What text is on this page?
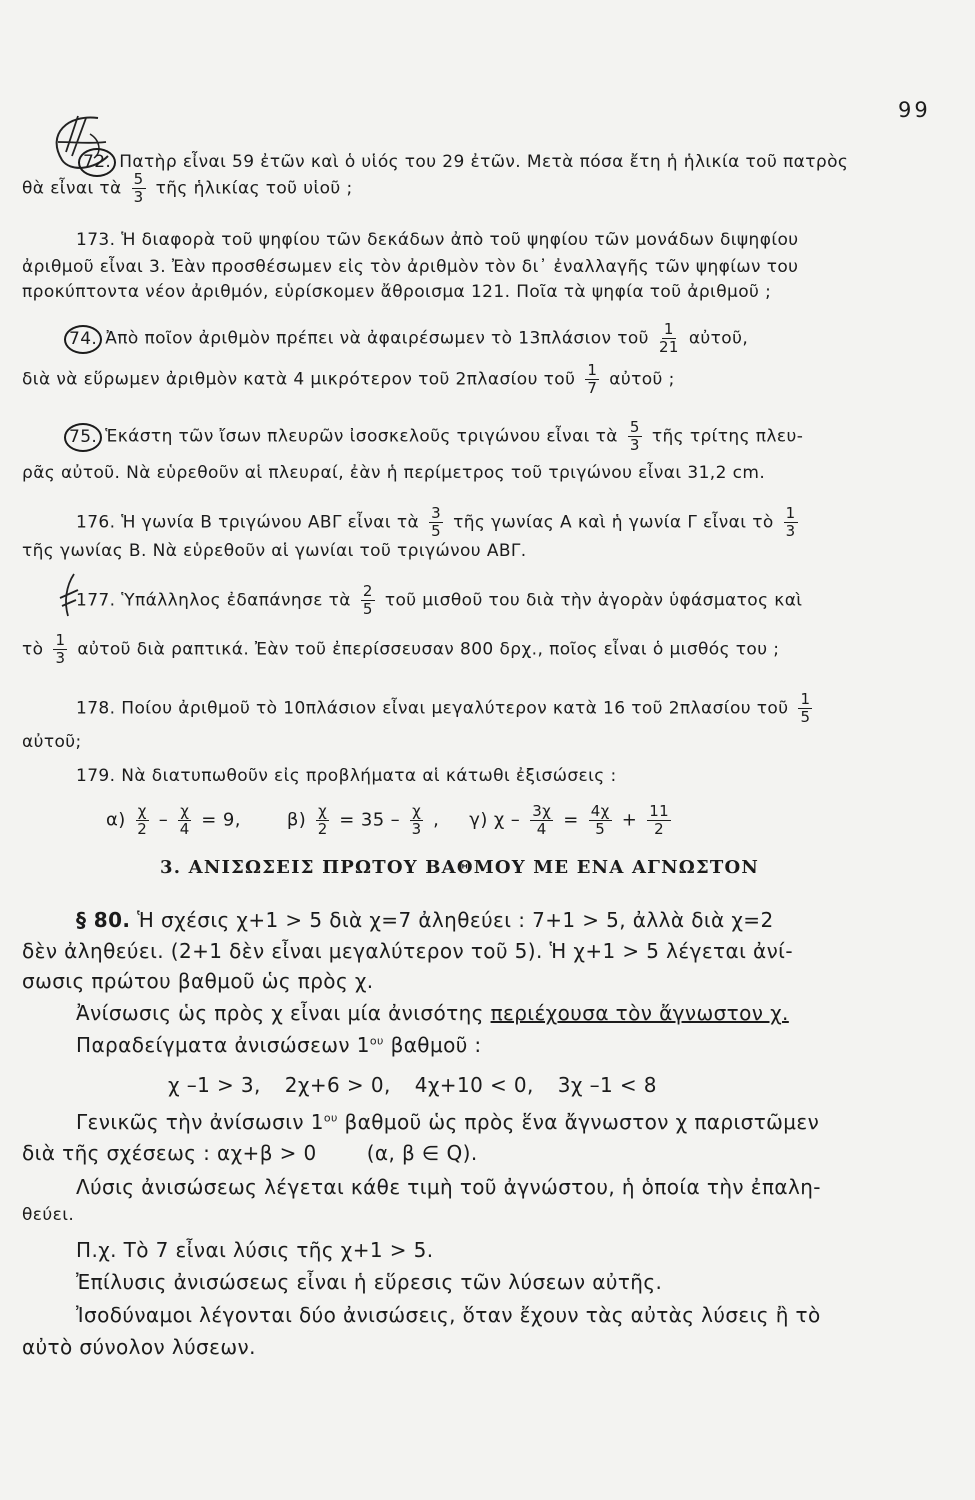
99
72. Πατὴρ εἶναι 59 ἐτῶν καὶ ὁ υἱός του 29 ἐτῶν. Μετὰ πόσα ἔτη ἡ ἡλικία τοῦ πατρὸς
θὰ εἶναι τὰ $\frac{5}{3}$ τῆς ἡλικίας τοῦ υἱοῦ ;
173. Ἡ διαφορὰ τοῦ ψηφίου τῶν δεκάδων ἀπὸ τοῦ ψηφίου τῶν μονάδων διψηφίου
ἀριθμοῦ εἶναι 3. Ἐὰν προσθέσωμεν εἰς τὸν ἀριθμὸν τὸν δι᾽ ἐναλλαγῆς τῶν ψηφίων του
προκύπτοντα νέον ἀριθμόν, εὑρίσκομεν ἄθροισμα 121. Ποῖα τὰ ψηφία τοῦ ἀριθμοῦ ;
74. Ἀπὸ ποῖον ἀριθμὸν πρέπει νὰ ἀφαιρέσωμεν τὸ 13πλάσιον τοῦ $\frac{1}{21}$ αὐτοῦ,
διὰ νὰ εὕρωμεν ἀριθμὸν κατὰ 4 μικρότερον τοῦ 2πλασίου τοῦ $\frac{1}{7}$ αὐτοῦ ;
75. Ἑκάστη τῶν ἴσων πλευρῶν ἰσοσκελοῦς τριγώνου εἶναι τὰ $\frac{5}{3}$ τῆς τρίτης πλευ-
ρᾶς αὐτοῦ. Νὰ εὑρεθοῦν αἱ πλευραί, ἐὰν ἡ περίμετρος τοῦ τριγώνου εἶναι 31,2 cm.
176. Ἡ γωνία Β τριγώνου ΑΒΓ εἶναι τὰ $\frac{3}{5}$ τῆς γωνίας Α καὶ ἡ γωνία Γ εἶναι τὸ $\frac{1}{3}$
τῆς γωνίας Β. Νὰ εὑρεθοῦν αἱ γωνίαι τοῦ τριγώνου ΑΒΓ.
177. Ὑπάλληλος ἐδαπάνησε τὰ $\frac{2}{5}$ τοῦ μισθοῦ του διὰ τὴν ἀγορὰν ὑφάσματος καὶ
τὸ $\frac{1}{3}$ αὐτοῦ διὰ ραπτικά. Ἐὰν τοῦ ἐπερίσσευσαν 800 δρχ., ποῖος εἶναι ὁ μισθός του ;
178. Ποίου ἀριθμοῦ τὸ 10πλάσιον εἶναι μεγαλύτερον κατὰ 16 τοῦ 2πλασίου τοῦ $\frac{1}{5}$
αὐτοῦ;
179. Νὰ διατυπωθοῦν εἰς προβλήματα αἱ κάτωθι ἐξισώσεις :
$\alpha) \frac{\chi}{2} - \frac{\chi}{4} = 9$,	$\beta) \frac{\chi}{2} = 35 - \frac{\chi}{3}$ , γ) $\chi - \frac{3\chi}{4} = \frac{4\chi}{5} + \frac{11}{2}$
3. ΑΝΙΣΩΣΕΙΣ ΠΡΩΤΟΥ ΒΑΘΜΟΥ ΜΕ ΕΝΑ ΑΓΝΩΣΤΟΝ
§ 80. Ἡ σχέσις χ+1 > 5 διὰ χ=7 ἀληθεύει : 7+1 > 5, ἀλλὰ διὰ χ=2
δὲν ἀληθεύει. (2+1 δὲν εἶναι μεγαλύτερον τοῦ 5). Ἡ χ+1 > 5 λέγεται ἀνί-
σωσις πρώτου βαθμοῦ ὡς πρὸς χ.
Ἀνίσωσις ὡς πρὸς χ εἶναι μία ἀνισότης περιέχουσα τὸν ἄγνωστον χ.
Παραδείγματα ἀνισώσεων $1^{o\upsilon}$ βαθμοῦ :
χ –1 > 3, 2χ+6 > 0, 4χ+10 < 0, 3χ –1 < 8
Γενικῶς τὴν ἀνίσωσιν $1^{o\upsilon}$ βαθμοῦ ὡς πρὸς ἕνα ἄγνωστον χ παριστῶμεν
διὰ τῆς σχέσεως : αχ+β > 0	(α, β ∈ Q).
Λύσις ἀνισώσεως λέγεται κάθε τιμὴ τοῦ ἀγνώστου, ἡ ὁποία τὴν ἐπαλη-
θεύει.
Π.χ. Τὸ 7 εἶναι λύσις τῆς χ+1 > 5.
Ἐπίλυσις ἀνισώσεως εἶναι ἡ εὕρεσις τῶν λύσεων αὐτῆς.
Ἰσοδύναμοι λέγονται δύο ἀνισώσεις, ὅταν ἔχουν τὰς αὐτὰς λύσεις ἢ τὸ
αὐτὸ σύνολον λύσεων.
